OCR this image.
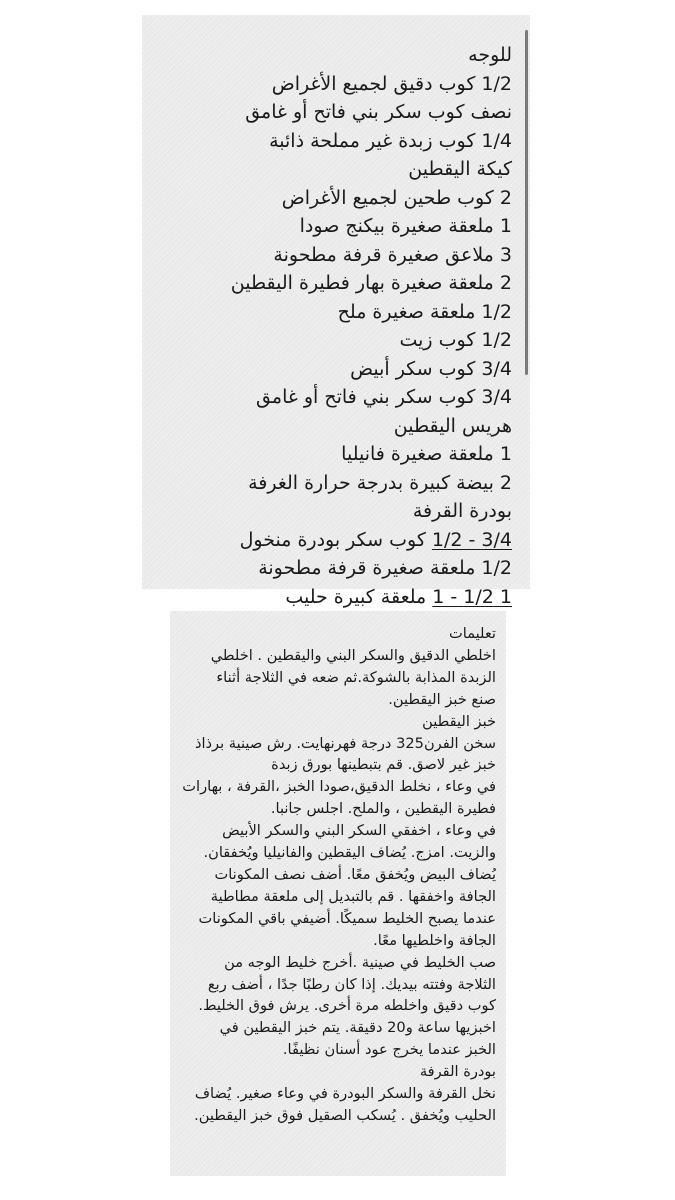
للوجه
1/2 كوب دقيق لجميع الأغراض
نصف كوب سكر بني فاتح أو غامق
1/4 كوب زبدة غير مملحة ذائبة
كيكة اليقطين
2 كوب طحين لجميع الأغراض
1 ملعقة صغيرة بيكنج صودا
3 ملاعق صغيرة قرفة مطحونة
2 ملعقة صغيرة بهار فطيرة اليقطين
1/2 ملعقة صغيرة ملح
1/2 كوب زيت
3/4 كوب سكر أبيض
3/4 كوب سكر بني فاتح أو غامق
هريس اليقطين
1 ملعقة صغيرة فانيليا
2 بيضة كبيرة بدرجة حرارة الغرفة
بودرة القرفة
3/4 - 1/2 كوب سكر بودرة منخول
1/2 ملعقة صغيرة قرفة مطحونة
1 1/2 - 1 ملعقة كبيرة حليب
تعليمات
اخلطي الدقيق والسكر البني واليقطين . اخلطي
الزبدة المذابة بالشوكة.ثم ضعه في الثلاجة أثناء
صنع خبز اليقطين.
خبز اليقطين
سخن الفرن325 درجة فهرنهايت. رش صينية برذاذ
خبز غير لاصق. قم بتبطينها بورق زبدة
في وعاء ، نخلط الدقيق،صودا الخبز ،القرفة ، بهارات
فطيرة اليقطين ، والملح. اجلس جانبا.
في وعاء ، اخفقي السكر البني والسكر الأبيض
والزيت. امزج. يُضاف اليقطين والفانيليا ويُخفقان.
يُضاف البيض ويُخفق معًا. أضف نصف المكونات
الجافة واخفقها . قم بالتبديل إلى ملعقة مطاطية
عندما يصبح الخليط سميكًا. أضيفي باقي المكونات
الجافة واخلطيها معًا.
صب الخليط في صينية .أخرج خليط الوجه من
الثلاجة وفتته بيديك. إذا كان رطبًا جدًا ، أضف ربع
كوب دقيق واخلطه مرة أخرى. يرش فوق الخليط.
اخبزيها ساعة و20 دقيقة. يتم خبز اليقطين في
الخبز عندما يخرج عود أسنان نظيفًا.
بودرة القرفة
نخل القرفة والسكر البودرة في وعاء صغير. يُضاف
الحليب ويُخفق . يُسكب الصقيل فوق خبز اليقطين.
